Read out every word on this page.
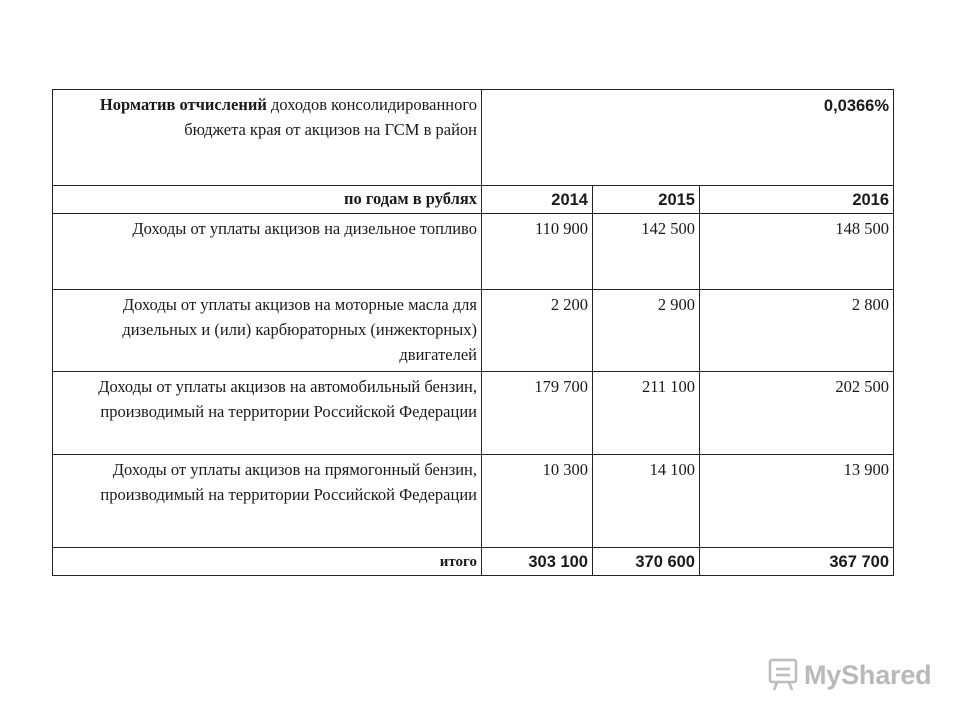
Норматив отчислений доходов консолидированного бюджета края от акцизов на ГСМ в район	0,0366%		
по годам в рублях	2014	2015	2016
Доходы от уплаты акцизов на дизельное топливо	110 900	142 500	148 500
Доходы от уплаты акцизов на моторные масла для дизельных и (или) карбюраторных (инжекторных) двигателей	2 200	2 900	2 800
Доходы от уплаты акцизов на автомобильный бензин, производимый на территории Российской Федерации	179 700	211 100	202 500
Доходы от уплаты акцизов на прямогонный бензин, производимый на территории Российской Федерации	10 300	14 100	13 900
итого	303 100	370 600	367 700
MyShared
